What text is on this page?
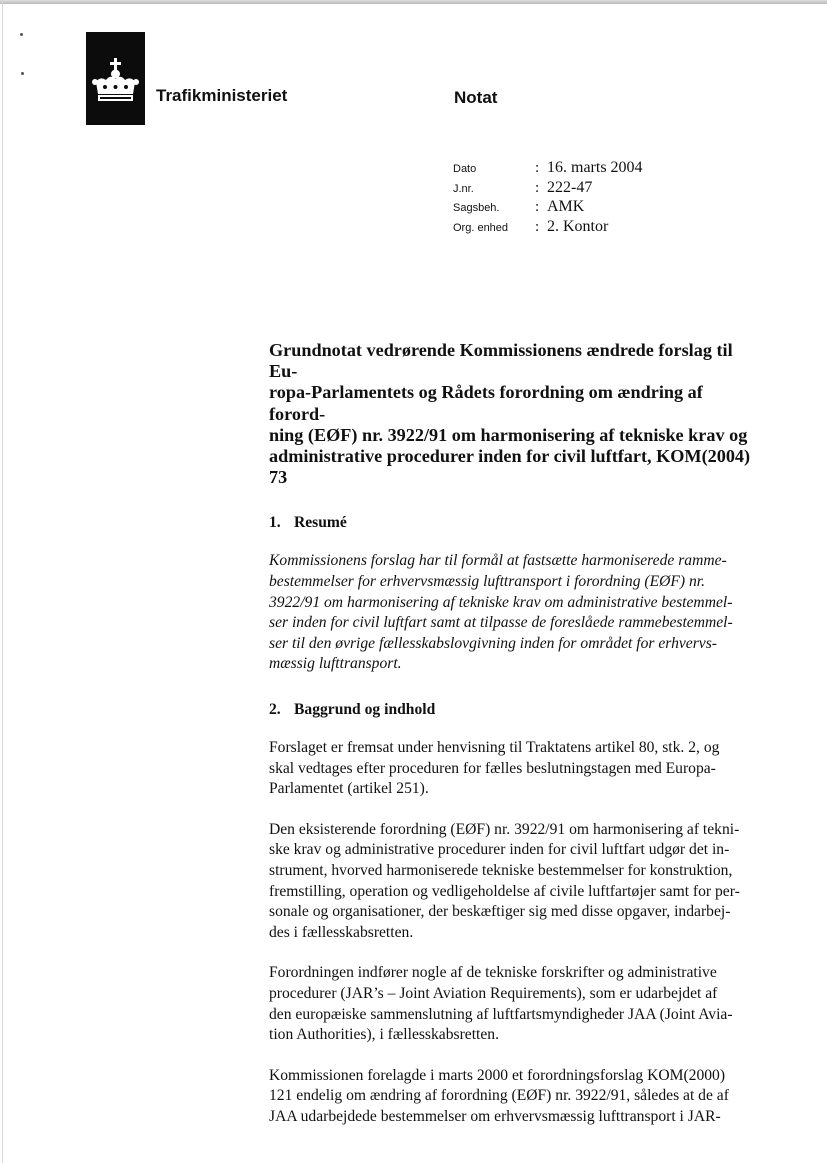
Trafikministeriet	Notat
Dato	: 16. marts 2004
J.nr.	: 222-47
Sagsbeh.	: AMK
Org. enhed	: 2. Kontor
Grundnotat vedrørende Kommissionens ændrede forslag til Eu-
ropa-Parlamentets og Rådets forordning om ændring af forord-
ning (EØF) nr. 3922/91 om harmonisering af tekniske krav og
administrative procedurer inden for civil luftfart, KOM(2004) 73
1. Resumé

Kommissionens forslag har til formål at fastsætte harmoniserede ramme-
bestemmelser for erhvervsmæssig lufttransport i forordning (EØF) nr.
3922/91 om harmonisering af tekniske krav om administrative bestemmel-
ser inden for civil luftfart samt at tilpasse de foreslåede rammebestemmel-
ser til den øvrige fællesskabslovgivning inden for området for erhvervs-
mæssig lufttransport.

2. Baggrund og indhold

Forslaget er fremsat under henvisning til Traktatens artikel 80, stk. 2, og
skal vedtages efter proceduren for fælles beslutningstagen med Europa-
Parlamentet (artikel 251).

Den eksisterende forordning (EØF) nr. 3922/91 om harmonisering af tekni-
ske krav og administrative procedurer inden for civil luftfart udgør det in-
strument, hvorved harmoniserede tekniske bestemmelser for konstruktion,
fremstilling, operation og vedligeholdelse af civile luftfartøjer samt for per-
sonale og organisationer, der beskæftiger sig med disse opgaver, indarbej-
des i fællesskabsretten.

Forordningen indfører nogle af de tekniske forskrifter og administrative
procedurer (JAR’s – Joint Aviation Requirements), som er udarbejdet af
den europæiske sammenslutning af luftfartsmyndigheder JAA (Joint Avia-
tion Authorities), i fællesskabsretten.

Kommissionen forelagde i marts 2000 et forordningsforslag KOM(2000)
121 endelig om ændring af forordning (EØF) nr. 3922/91, således at de af
JAA udarbejdede bestemmelser om erhvervsmæssig lufttransport i JAR-
